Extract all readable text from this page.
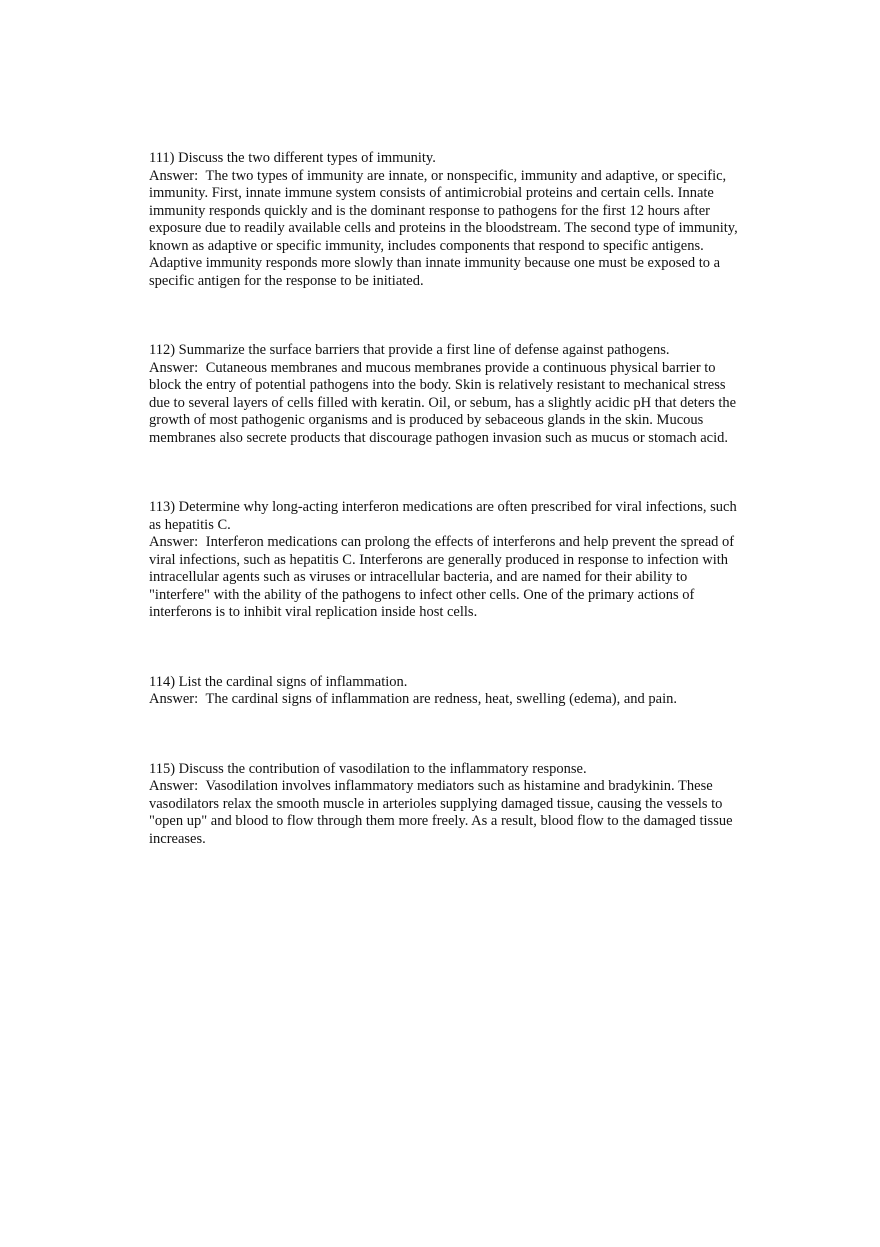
111) Discuss the two different types of immunity.

Answer: The two types of immunity are innate, or nonspecific, immunity and adaptive, or specific, immunity. First, innate immune system consists of antimicrobial proteins and certain cells. Innate immunity responds quickly and is the dominant response to pathogens for the first 12 hours after exposure due to readily available cells and proteins in the bloodstream. The second type of immunity, known as adaptive or specific immunity, includes components that respond to specific antigens. Adaptive immunity responds more slowly than innate immunity because one must be exposed to a specific antigen for the response to be initiated.

112) Summarize the surface barriers that provide a first line of defense against pathogens.

Answer: Cutaneous membranes and mucous membranes provide a continuous physical barrier to block the entry of potential pathogens into the body. Skin is relatively resistant to mechanical stress due to several layers of cells filled with keratin. Oil, or sebum, has a slightly acidic pH that deters the growth of most pathogenic organisms and is produced by sebaceous glands in the skin. Mucous membranes also secrete products that discourage pathogen invasion such as mucus or stomach acid.

113) Determine why long-acting interferon medications are often prescribed for viral infections, such as hepatitis C.

Answer: Interferon medications can prolong the effects of interferons and help prevent the spread of viral infections, such as hepatitis C. Interferons are generally produced in response to infection with intracellular agents such as viruses or intracellular bacteria, and are named for their ability to "interfere" with the ability of the pathogens to infect other cells. One of the primary actions of interferons is to inhibit viral replication inside host cells.

114) List the cardinal signs of inflammation.

Answer: The cardinal signs of inflammation are redness, heat, swelling (edema), and pain.

115) Discuss the contribution of vasodilation to the inflammatory response.

Answer: Vasodilation involves inflammatory mediators such as histamine and bradykinin. These vasodilators relax the smooth muscle in arterioles supplying damaged tissue, causing the vessels to "open up" and blood to flow through them more freely. As a result, blood flow to the damaged tissue increases.
